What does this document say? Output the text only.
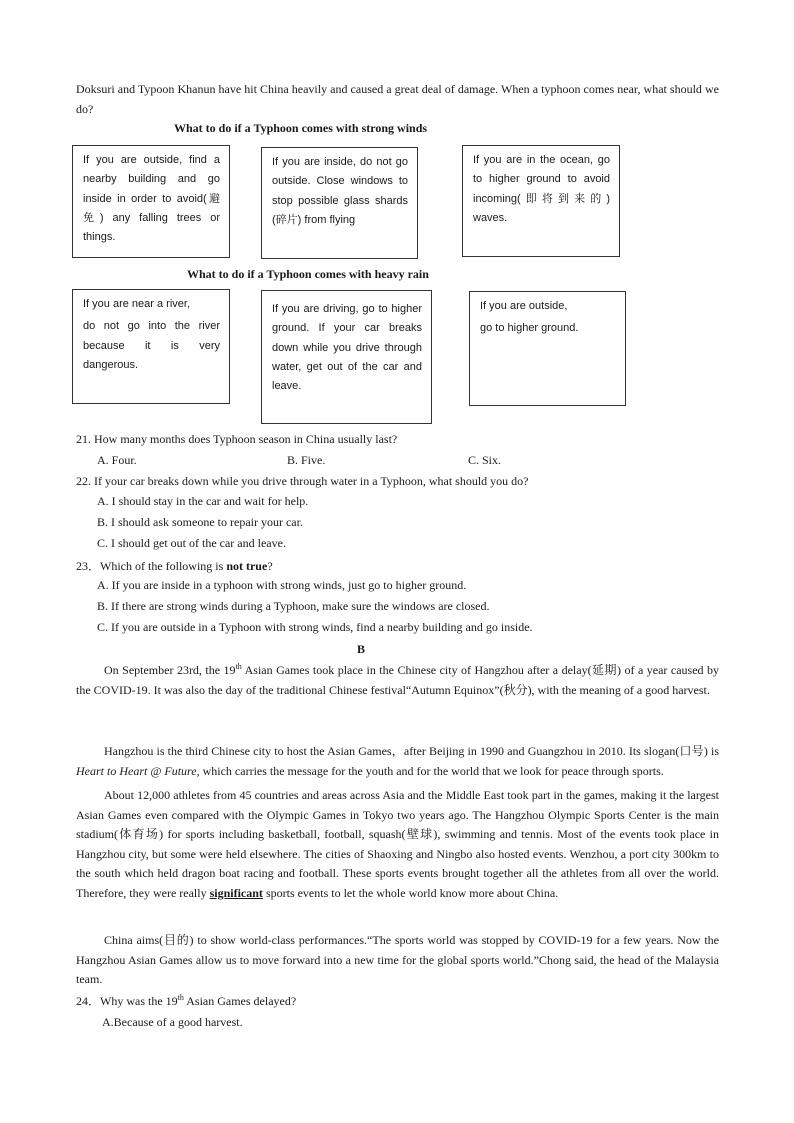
Doksuri and Typoon Khanun have hit China heavily and caused a great deal of damage. When a typhoon comes near, what should we do?

What to do if a Typhoon comes with strong winds
If you are outside, find a nearby building and go inside in order to avoid(避免) any falling trees or things.
If you are inside, do not go outside. Close windows to stop possible glass shards (碎片) from flying
If you are in the ocean, go to higher ground to avoid incoming(即将到来的) waves.
What to do if a Typhoon comes with heavy rain
If you are near a river,
do not go into the river because it is very dangerous.
If you are driving, go to higher ground. If your car breaks down while you drive through water, get out of the car and leave.
If you are outside,
go to higher ground.
21. How many months does Typhoon season in China usually last?
A. Four.	B. Five.	C. Six.
22. If your car breaks down while you drive through water in a Typhoon, what should you do?
A. I should stay in the car and wait for help.
B. I should ask someone to repair your car.
C. I should get out of the car and leave.
23．Which of the following is not true?
A. If you are inside in a typhoon with strong winds, just go to higher ground.
B. If there are strong winds during a Typhoon, make sure the windows are closed.
C. If you are outside in a Typhoon with strong winds, find a nearby building and go inside.
B

On September 23rd, the 19th Asian Games took place in the Chinese city of Hangzhou after a delay(延期) of a year caused by the COVID-19. It was also the day of the traditional Chinese festival“Autumn Equinox”(秋分), with the meaning of a good harvest.

Hangzhou is the third Chinese city to host the Asian Games，after Beijing in 1990 and Guangzhou in 2010. Its slogan(口号) is Heart to Heart @ Future, which carries the message for the youth and for the world that we look for peace through sports.

About 12,000 athletes from 45 countries and areas across Asia and the Middle East took part in the games, making it the largest Asian Games even compared with the Olympic Games in Tokyo two years ago. The Hangzhou Olympic Sports Center is the main stadium(体育场) for sports including basketball, football, squash(壁球), swimming and tennis. Most of the events took place in Hangzhou city, but some were held elsewhere. The cities of Shaoxing and Ningbo also hosted events. Wenzhou, a port city 300km to the south which held dragon boat racing and football. These sports events brought together all the athletes from all over the world. Therefore, they were really significant sports events to let the whole world know more about China.

China aims(目的) to show world-class performances.“The sports world was stopped by COVID-19 for a few years. Now the Hangzhou Asian Games allow us to move forward into a new time for the global sports world.”Chong said, the head of the Malaysia team.

24．Why was the 19th Asian Games delayed?
A.Because of a good harvest.
